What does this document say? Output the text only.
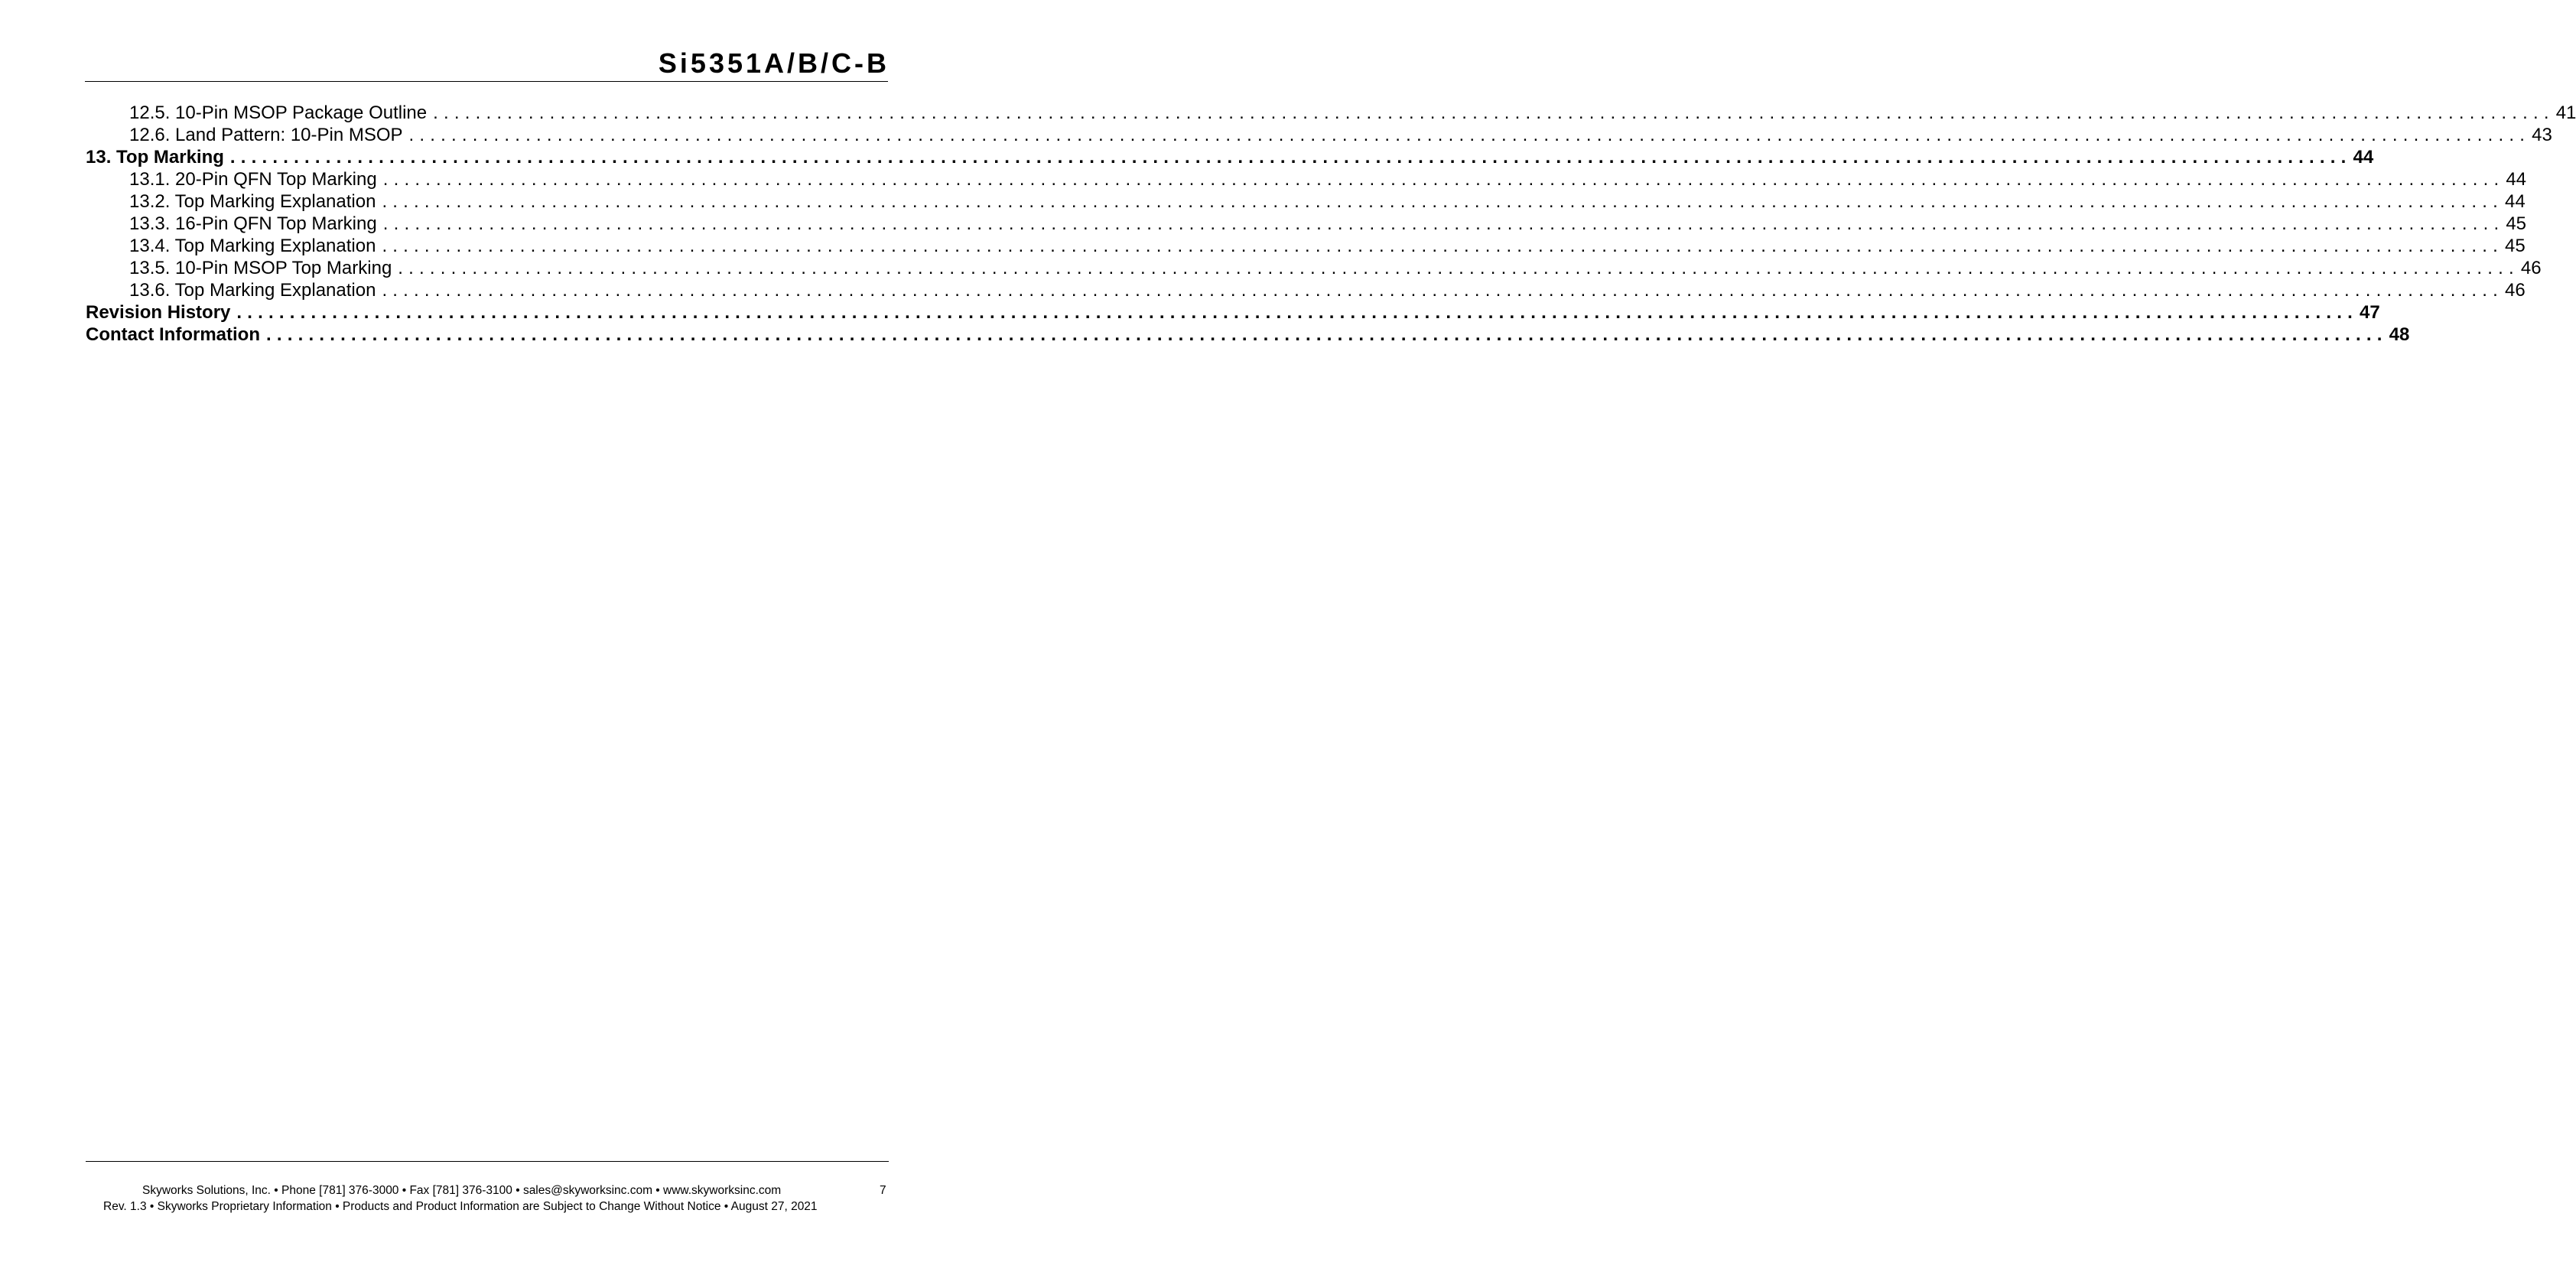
Si5351A/B/C-B
12.5. 10-Pin MSOP Package Outline ........................................................................................................................................................................................................ 41
12.6. Land Pattern: 10-Pin MSOP ........................................................................................................................................................................................................ 43
13. Top Marking ........................................................................................................................................................................................................ 44
13.1. 20-Pin QFN Top Marking ........................................................................................................................................................................................................ 44
13.2. Top Marking Explanation ........................................................................................................................................................................................................ 44
13.3. 16-Pin QFN Top Marking ........................................................................................................................................................................................................ 45
13.4. Top Marking Explanation ........................................................................................................................................................................................................ 45
13.5. 10-Pin MSOP Top Marking ........................................................................................................................................................................................................ 46
13.6. Top Marking Explanation ........................................................................................................................................................................................................ 46
Revision History ........................................................................................................................................................................................................ 47
Contact Information ........................................................................................................................................................................................................ 48
Skyworks Solutions, Inc. • Phone [781] 376-3000 • Fax [781] 376-3100 • sales@skyworksinc.com • www.skyworksinc.com	7
Rev. 1.3 • Skyworks Proprietary Information • Products and Product Information are Subject to Change Without Notice • August 27, 2021
